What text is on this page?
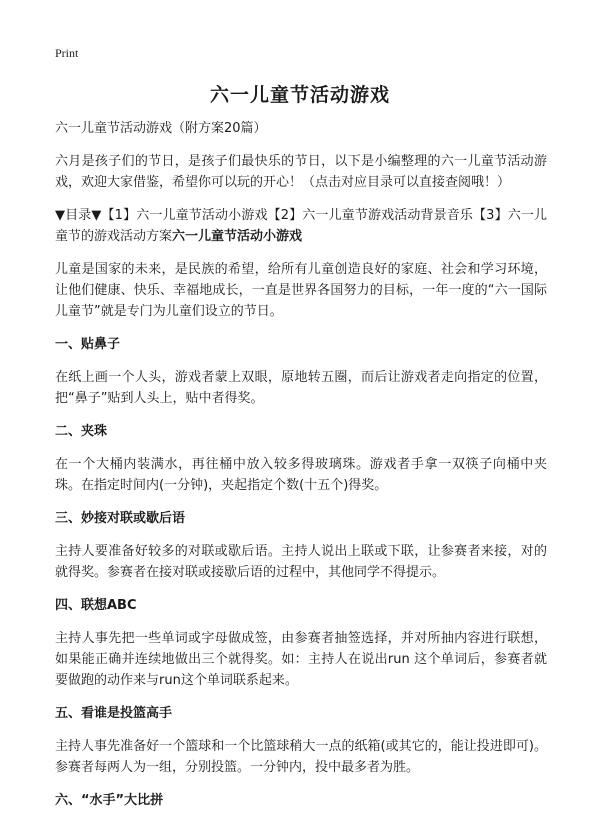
Print
六一儿童节活动游戏

六一儿童节活动游戏（附方案20篇）

六月是孩子们的节日，是孩子们最快乐的节日，以下是小编整理的六一儿童节活动游戏，欢迎大家借鉴，希望你可以玩的开心！（点击对应目录可以直接查阅哦！）

▼目录▼【1】六一儿童节活动小游戏【2】六一儿童节游戏活动背景音乐【3】六一儿童节的游戏活动方案六一儿童节活动小游戏

儿童是国家的未来，是民族的希望，给所有儿童创造良好的家庭、社会和学习环境，让他们健康、快乐、幸福地成长，一直是世界各国努力的目标，一年一度的“六一国际儿童节”就是专门为儿童们设立的节日。

一、贴鼻子

在纸上画一个人头，游戏者蒙上双眼，原地转五圈，而后让游戏者走向指定的位置，把“鼻子”贴到人头上，贴中者得奖。

二、夹珠

在一个大桶内装满水，再往桶中放入较多得玻璃珠。游戏者手拿一双筷子向桶中夹珠。在指定时间内(一分钟)，夹起指定个数(十五个)得奖。

三、妙接对联或歇后语

主持人要准备好较多的对联或歇后语。主持人说出上联或下联，让参赛者来接，对的就得奖。参赛者在接对联或接歇后语的过程中，其他同学不得提示。

四、联想ABC

主持人事先把一些单词或字母做成签，由参赛者抽签选择，并对所抽内容进行联想，如果能正确并连续地做出三个就得奖。如：主持人在说出run 这个单词后，参赛者就要做跑的动作来与run这个单词联系起来。

五、看谁是投篮高手

主持人事先准备好一个篮球和一个比篮球稍大一点的纸箱(或其它的，能让投进即可)。参赛者每两人为一组，分别投篮。一分钟内，投中最多者为胜。

六、“水手”大比拼
